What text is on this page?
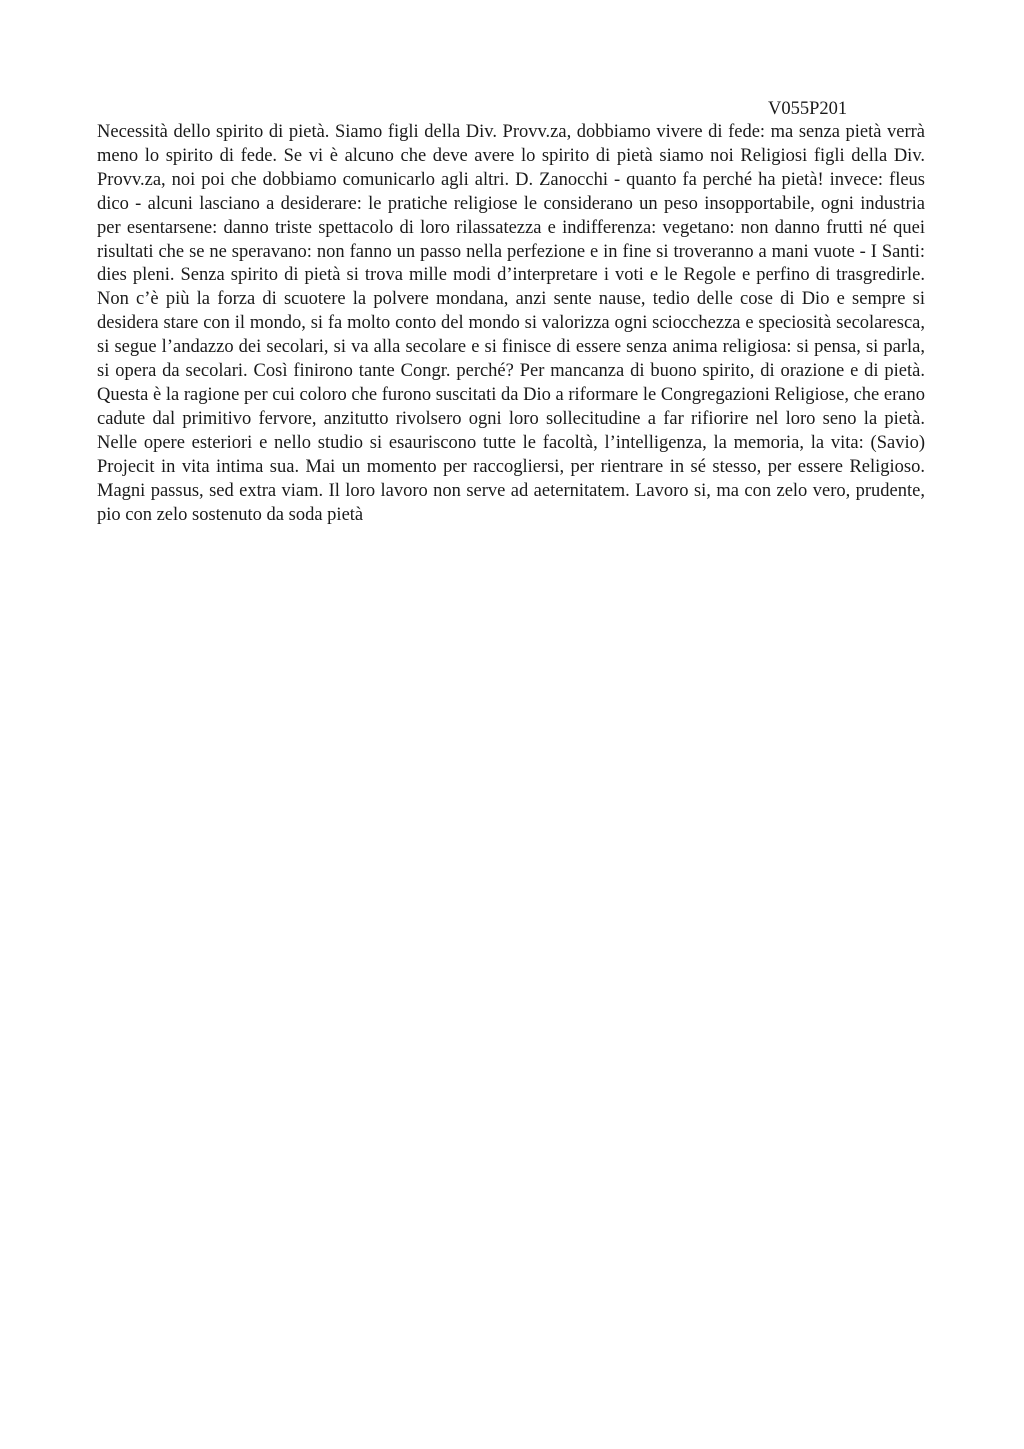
V055P201

Necessità dello spirito di pietà. Siamo figli della Div. Provv.za, dobbiamo vivere di fede: ma senza pietà verrà meno lo spirito di fede. Se vi è alcuno che deve avere lo spirito di pietà siamo noi Religiosi figli della Div. Provv.za, noi poi che dobbiamo comunicarlo agli altri. D. Zanocchi - quanto fa perché ha pietà! invece: fleus dico - alcuni lasciano a desiderare: le pratiche religiose le considerano un peso insopportabile, ogni industria per esentarsene: danno triste spettacolo di loro rilassatezza e indifferenza: vegetano: non danno frutti né quei risultati che se ne speravano: non fanno un passo nella perfezione e in fine si troveranno a mani vuote - I Santi: dies pleni. Senza spirito di pietà si trova mille modi d’interpretare i voti e le Regole e perfino di trasgredirle. Non c’è più la forza di scuotere la polvere mondana, anzi sente nause, tedio delle cose di Dio e sempre si desidera stare con il mondo, si fa molto conto del mondo si valorizza ogni sciocchezza e speciosità secolaresca, si segue l’andazzo dei secolari, si va alla secolare e si finisce di essere senza anima religiosa: si pensa, si parla, si opera da secolari. Così finirono tante Congr. perché? Per mancanza di buono spirito, di orazione e di pietà. Questa è la ragione per cui coloro che furono suscitati da Dio a riformare le Congregazioni Religiose, che erano cadute dal primitivo fervore, anzitutto rivolsero ogni loro sollecitudine a far rifiorire nel loro seno la pietà. Nelle opere esteriori e nello studio si esauriscono tutte le facoltà, l’intelligenza, la memoria, la vita: (Savio) Projecit in vita intima sua. Mai un momento per raccogliersi, per rientrare in sé stesso, per essere Religioso. Magni passus, sed extra viam. Il loro lavoro non serve ad aeternitatem. Lavoro si, ma con zelo vero, prudente, pio con zelo sostenuto da soda pietà
